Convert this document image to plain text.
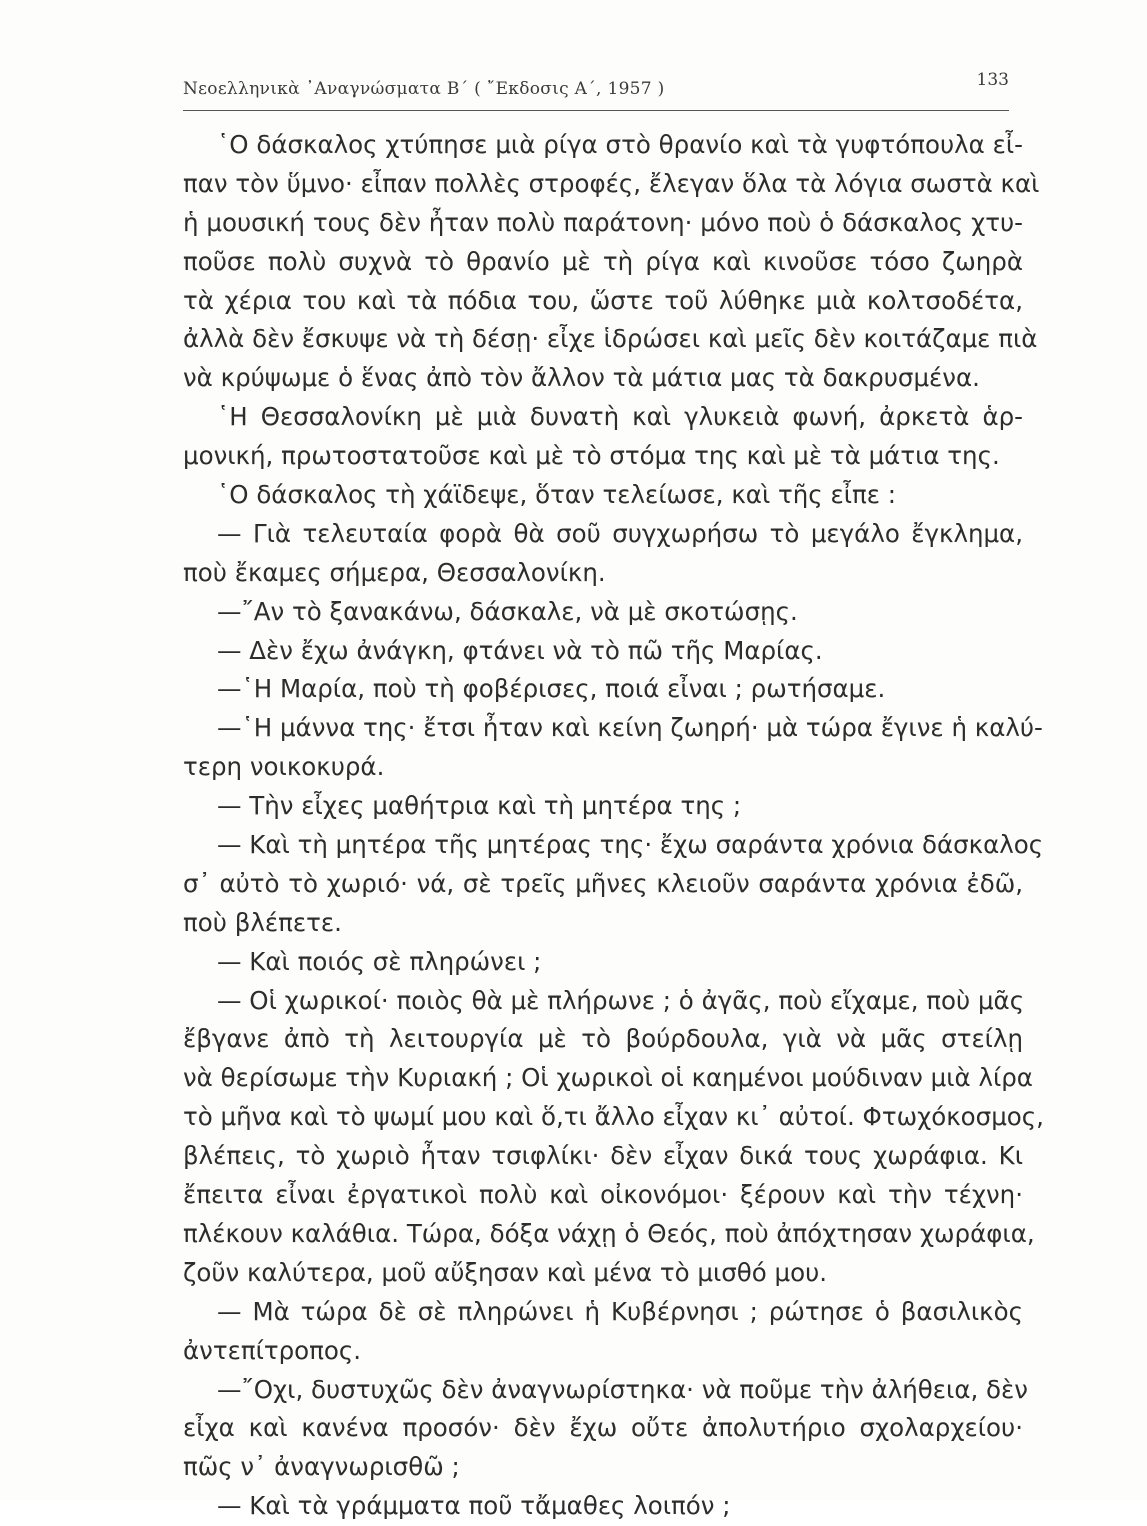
Νεοελληνικὰ ᾿Αναγνώσματα Β΄ ( ῎Εκδοσις Α΄, 1957 )	133
῾Ο δάσκαλος χτύπησε μιὰ ρίγα στὸ θρανίο καὶ τὰ γυφτόπουλα εἶ-
παν τὸν ὕμνο· εἶπαν πολλὲς στροφές, ἔλεγαν ὅλα τὰ λόγια σωστὰ καὶ
ἡ μουσική τους δὲν ἦταν πολὺ παράτονη· μόνο ποὺ ὁ δάσκαλος χτυ-
ποῦσε πολὺ συχνὰ τὸ θρανίο μὲ τὴ ρίγα καὶ κινοῦσε τόσο ζωηρὰ
τὰ χέρια του καὶ τὰ πόδια του, ὥστε τοῦ λύθηκε μιὰ κολτσοδέτα,
ἀλλὰ δὲν ἔσκυψε νὰ τὴ δέσῃ· εἶχε ἱδρώσει καὶ μεῖς δὲν κοιτάζαμε πιὰ
νὰ κρύψωμε ὁ ἕνας ἀπὸ τὸν ἄλλον τὰ μάτια μας τὰ δακρυσμένα.
῾Η Θεσσαλονίκη μὲ μιὰ δυνατὴ καὶ γλυκειὰ φωνή, ἀρκετὰ ἁρ-
μονική, πρωτοστατοῦσε καὶ μὲ τὸ στόμα της καὶ μὲ τὰ μάτια της.
῾Ο δάσκαλος τὴ χάϊδεψε, ὅταν τελείωσε, καὶ τῆς εἶπε :
— Γιὰ τελευταία φορὰ θὰ σοῦ συγχωρήσω τὸ μεγάλο ἔγκλημα,
ποὺ ἔκαμες σήμερα, Θεσσαλονίκη.
—῎Αν τὸ ξανακάνω, δάσκαλε, νὰ μὲ σκοτώσῃς.
— Δὲν ἔχω ἀνάγκη, φτάνει νὰ τὸ πῶ τῆς Μαρίας.
—῾Η Μαρία, ποὺ τὴ φοβέρισες, ποιά εἶναι ; ρωτήσαμε.
—῾Η μάννα της· ἔτσι ἦταν καὶ κείνη ζωηρή· μὰ τώρα ἔγινε ἡ καλύ-
τερη νοικοκυρά.
— Τὴν εἶχες μαθήτρια καὶ τὴ μητέρα της ;
— Καὶ τὴ μητέρα τῆς μητέρας της· ἔχω σαράντα χρόνια δάσκαλος
σ᾿ αὐτὸ τὸ χωριό· νά, σὲ τρεῖς μῆνες κλειοῦν σαράντα χρόνια ἐδῶ,
ποὺ βλέπετε.
— Καὶ ποιός σὲ πληρώνει ;
— Οἱ χωρικοί· ποιὸς θὰ μὲ πλήρωνε ; ὁ ἀγᾶς, ποὺ εἴχαμε, ποὺ μᾶς
ἔβγανε ἀπὸ τὴ λειτουργία μὲ τὸ βούρδουλα, γιὰ νὰ μᾶς στείλῃ
νὰ θερίσωμε τὴν Κυριακή ; Οἱ χωρικοὶ οἱ καημένοι μούδιναν μιὰ λίρα
τὸ μῆνα καὶ τὸ ψωμί μου καὶ ὅ,τι ἄλλο εἶχαν κι᾿ αὐτοί. Φτωχόκοσμος,
βλέπεις, τὸ χωριὸ ἦταν τσιφλίκι· δὲν εἶχαν δικά τους χωράφια. Κι
ἔπειτα εἶναι ἐργατικοὶ πολὺ καὶ οἰκονόμοι· ξέρουν καὶ τὴν τέχνη·
πλέκουν καλάθια. Τώρα, δόξα νάχῃ ὁ Θεός, ποὺ ἀπόχτησαν χωράφια,
ζοῦν καλύτερα, μοῦ αὔξησαν καὶ μένα τὸ μισθό μου.
— Μὰ τώρα δὲ σὲ πληρώνει ἡ Κυβέρνησι ; ρώτησε ὁ βασιλικὸς
ἀντεπίτροπος.
—῎Οχι, δυστυχῶς δὲν ἀναγνωρίστηκα· νὰ ποῦμε τὴν ἀλήθεια, δὲν
εἶχα καὶ κανένα προσόν· δὲν ἔχω οὔτε ἀπολυτήριο σχολαρχείου·
πῶς ν᾿ ἀναγνωρισθῶ ;
— Καὶ τὰ γράμματα ποῦ τἄμαθες λοιπόν ;
